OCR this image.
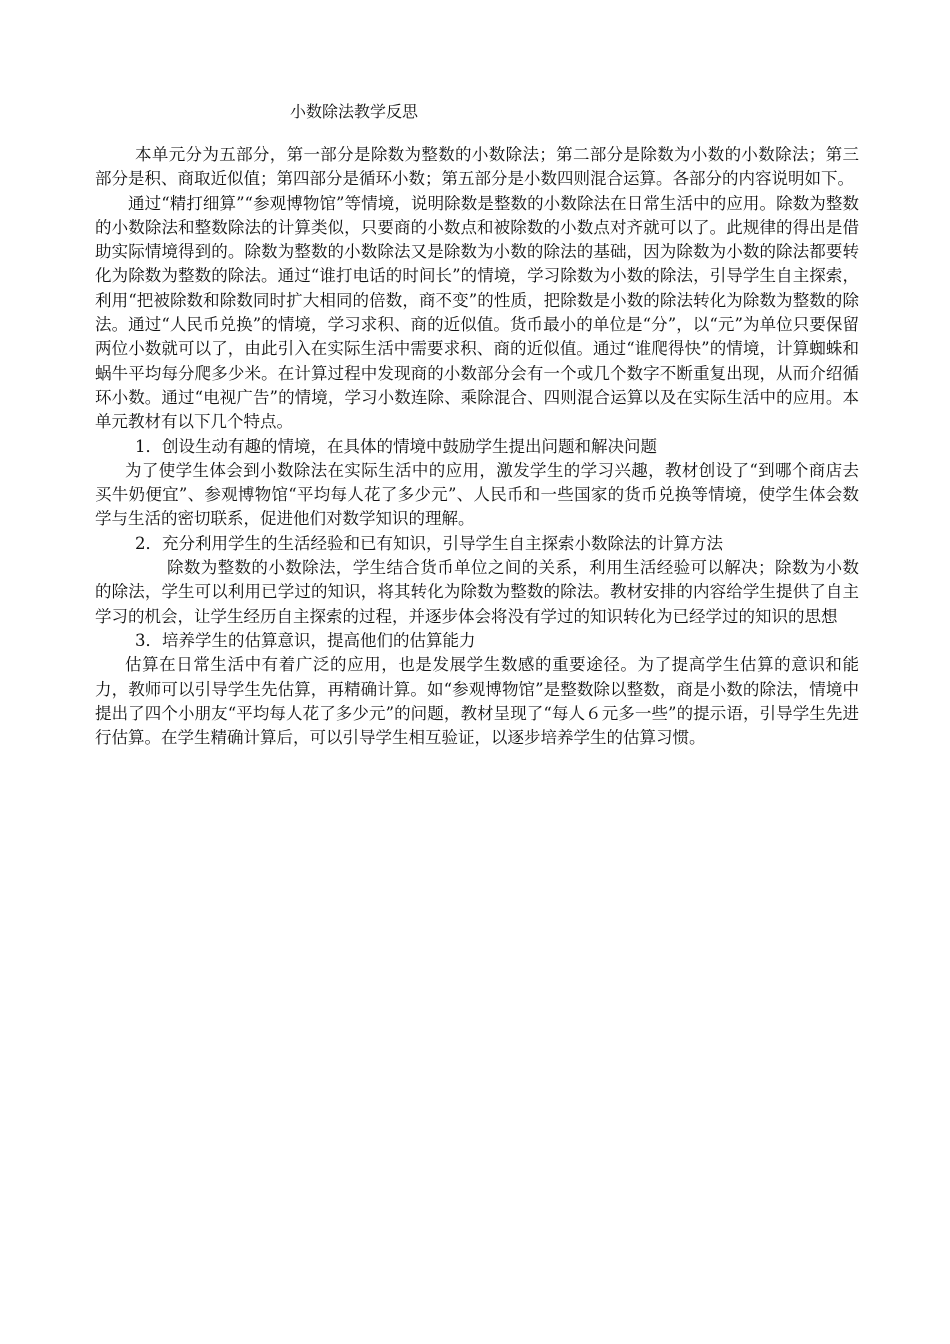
小数除法教学反思

本单元分为五部分，第一部分是除数为整数的小数除法；第二部分是除数为小数的小数除法；第三部分是积、商取近似值；第四部分是循环小数；第五部分是小数四则混合运算。各部分的内容说明如下。

通过“精打细算”“参观博物馆”等情境，说明除数是整数的小数除法在日常生活中的应用。除数为整数的小数除法和整数除法的计算类似，只要商的小数点和被除数的小数点对齐就可以了。此规律的得出是借助实际情境得到的。除数为整数的小数除法又是除数为小数的除法的基础，因为除数为小数的除法都要转化为除数为整数的除法。通过“谁打电话的时间长”的情境，学习除数为小数的除法，引导学生自主探索，利用“把被除数和除数同时扩大相同的倍数，商不变”的性质，把除数是小数的除法转化为除数为整数的除法。通过“人民币兑换”的情境，学习求积、商的近似值。货币最小的单位是“分”，以“元”为单位只要保留两位小数就可以了，由此引入在实际生活中需要求积、商的近似值。通过“谁爬得快”的情境，计算蜘蛛和蜗牛平均每分爬多少米。在计算过程中发现商的小数部分会有一个或几个数字不断重复出现，从而介绍循环小数。通过“电视广告”的情境，学习小数连除、乘除混合、四则混合运算以及在实际生活中的应用。本单元教材有以下几个特点。

1．创设生动有趣的情境，在具体的情境中鼓励学生提出问题和解决问题

为了使学生体会到小数除法在实际生活中的应用，激发学生的学习兴趣，教材创设了“到哪个商店去买牛奶便宜”、参观博物馆“平均每人花了多少元”、人民币和一些国家的货币兑换等情境，使学生体会数学与生活的密切联系，促进他们对数学知识的理解。

2．充分利用学生的生活经验和已有知识，引导学生自主探索小数除法的计算方法

除数为整数的小数除法，学生结合货币单位之间的关系，利用生活经验可以解决；除数为小数的除法，学生可以利用已学过的知识，将其转化为除数为整数的除法。教材安排的内容给学生提供了自主学习的机会，让学生经历自主探索的过程，并逐步体会将没有学过的知识转化为已经学过的知识的思想

3．培养学生的估算意识，提高他们的估算能力

估算在日常生活中有着广泛的应用，也是发展学生数感的重要途径。为了提高学生估算的意识和能力，教师可以引导学生先估算，再精确计算。如“参观博物馆”是整数除以整数，商是小数的除法，情境中提出了四个小朋友“平均每人花了多少元”的问题，教材呈现了“每人６元多一些”的提示语，引导学生先进行估算。在学生精确计算后，可以引导学生相互验证，以逐步培养学生的估算习惯。
